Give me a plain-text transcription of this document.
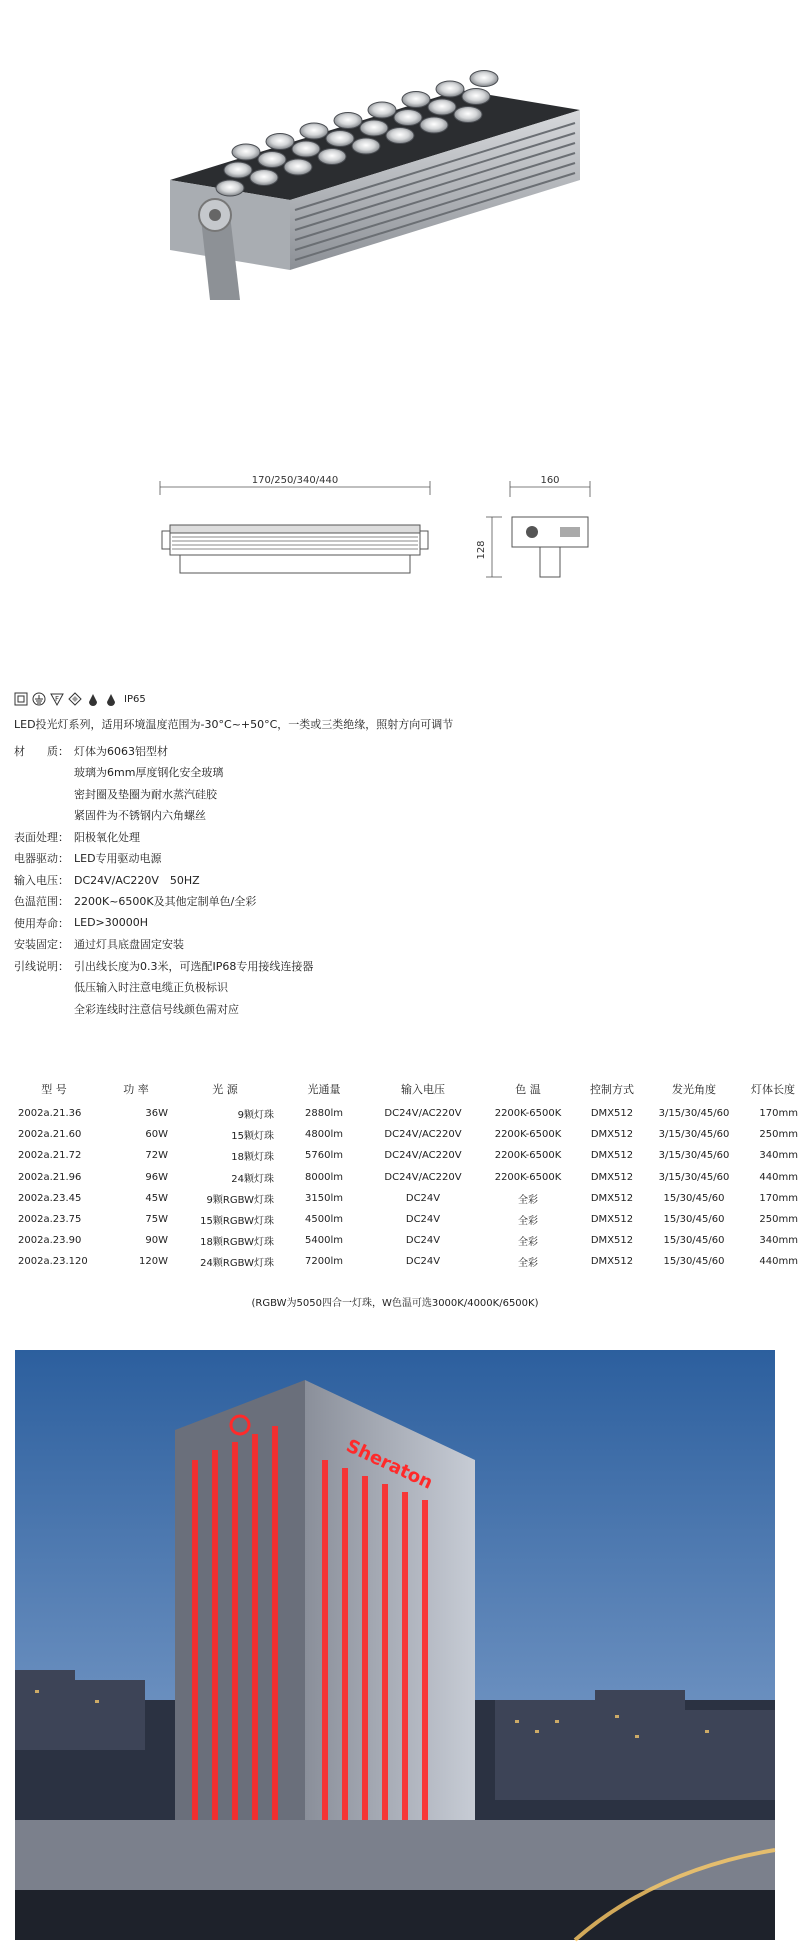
170/250/340/440	160
128
F	IP65
LED投光灯系列，适用环境温度范围为-30°C~+50°C，一类或三类绝缘，照射方向可调节
材　　质： 灯体为6063铝型材
玻璃为6mm厚度钢化安全玻璃
密封圈及垫圈为耐水蒸汽硅胶
紧固件为不锈钢内六角螺丝
表面处理： 阳极氧化处理
电器驱动： LED专用驱动电源
输入电压： DC24V/AC220V　50HZ
色温范围： 2200K~6500K及其他定制单色/全彩
使用寿命： LED>30000H
安装固定： 通过灯具底盘固定安装
引线说明： 引出线长度为0.3米，可选配IP68专用接线连接器
低压输入时注意电缆正负极标识
全彩连线时注意信号线颜色需对应
型 号	功 率	光 源	光通量	输入电压	色 温	控制方式	发光角度	灯体长度
2002a.21.36	36W	9颗灯珠	2880lm	DC24V/AC220V	2200K-6500K	DMX512	3/15/30/45/60	170mm
2002a.21.60	60W	15颗灯珠	4800lm	DC24V/AC220V	2200K-6500K	DMX512	3/15/30/45/60	250mm
2002a.21.72	72W	18颗灯珠	5760lm	DC24V/AC220V	2200K-6500K	DMX512	3/15/30/45/60	340mm
2002a.21.96	96W	24颗灯珠	8000lm	DC24V/AC220V	2200K-6500K	DMX512	3/15/30/45/60	440mm
2002a.23.45	45W	9颗RGBW灯珠	3150lm	DC24V	全彩	DMX512	15/30/45/60	170mm
2002a.23.75	75W	15颗RGBW灯珠	4500lm	DC24V	全彩	DMX512	15/30/45/60	250mm
2002a.23.90	90W	18颗RGBW灯珠	5400lm	DC24V	全彩	DMX512	15/30/45/60	340mm
2002a.23.120	120W	24颗RGBW灯珠	7200lm	DC24V	全彩	DMX512	15/30/45/60	440mm
(RGBW为5050四合一灯珠，W色温可选3000K/4000K/6500K)
Sheraton
